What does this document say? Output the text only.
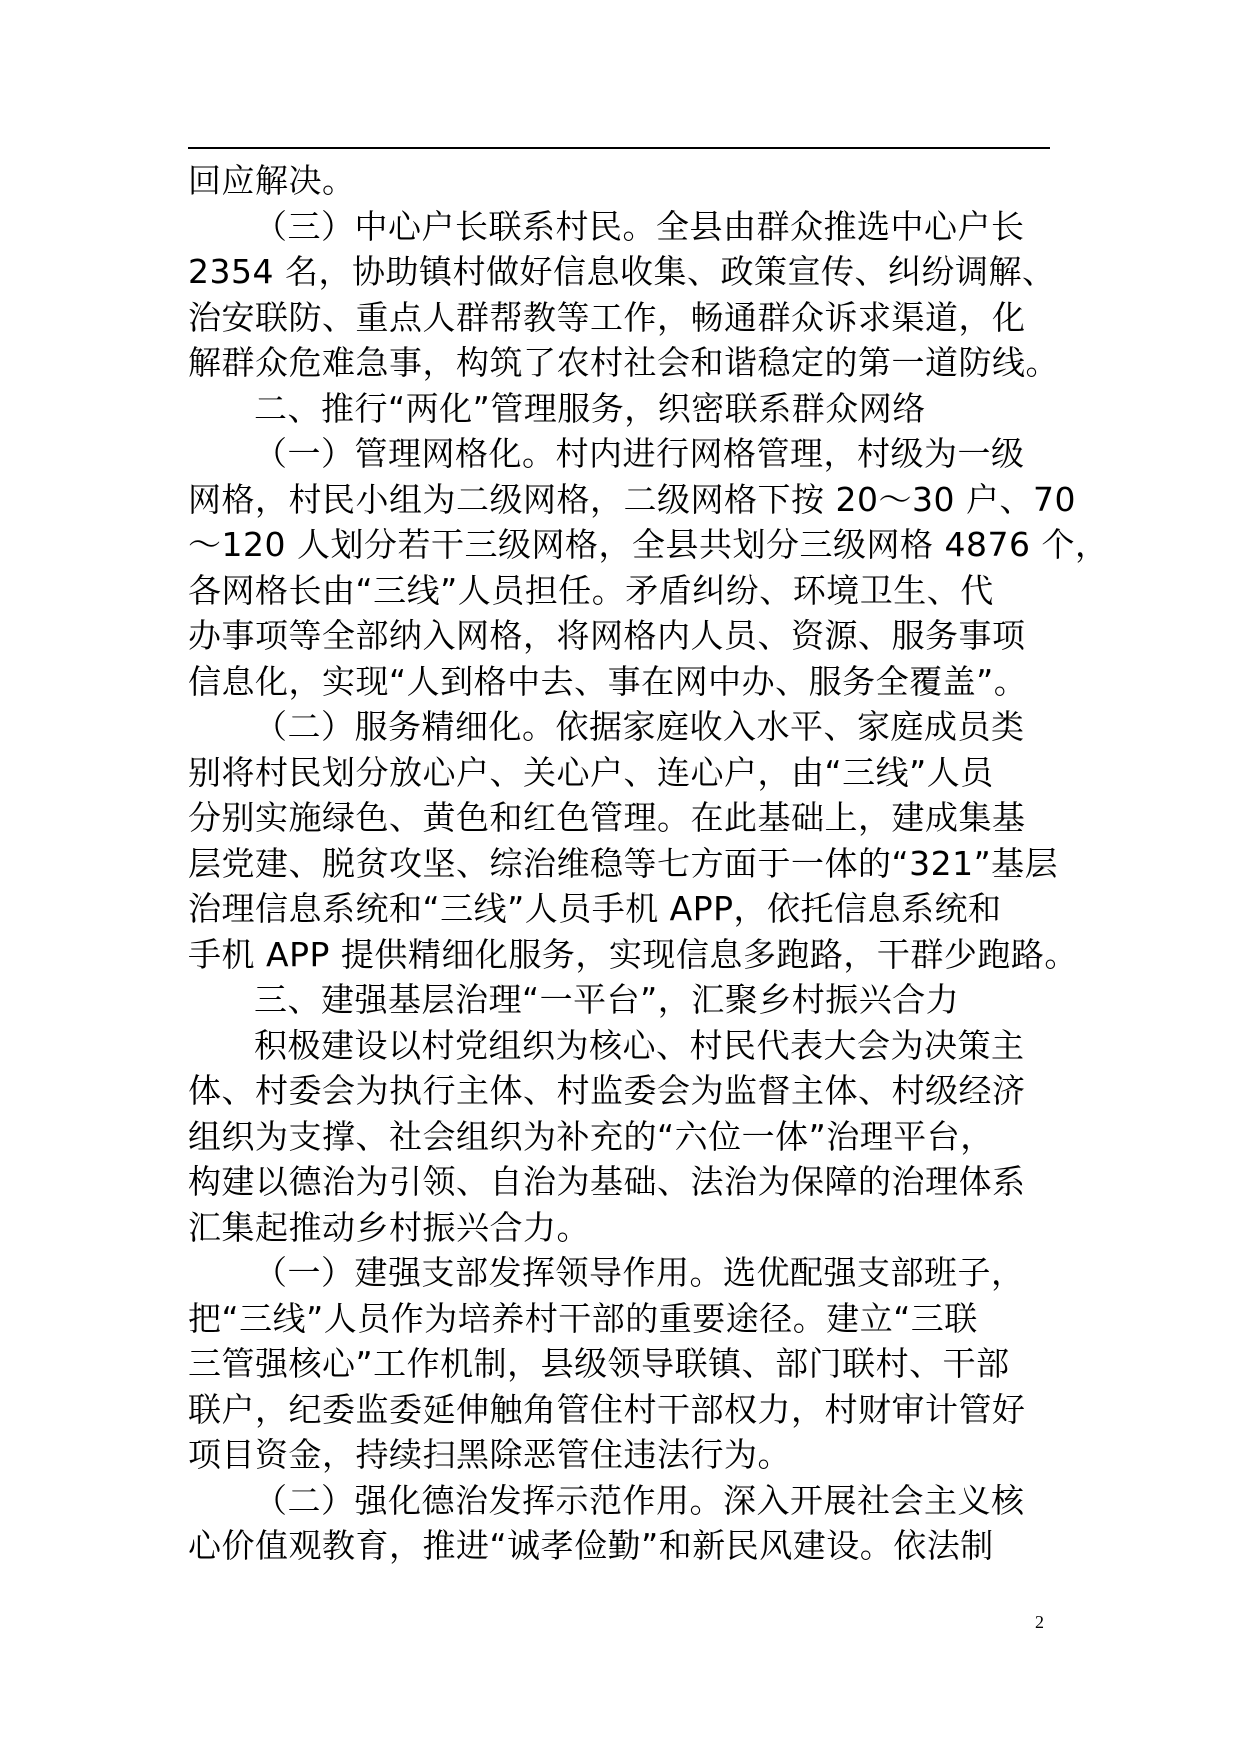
回应解决。
（三）中心户长联系村民。全县由群众推选中心户长
2354 名，协助镇村做好信息收集、政策宣传、纠纷调解、
治安联防、重点人群帮教等工作，畅通群众诉求渠道，化
解群众危难急事，构筑了农村社会和谐稳定的第一道防线。
二、推行“两化”管理服务，织密联系群众网络
（一）管理网格化。村内进行网格管理，村级为一级
网格，村民小组为二级网格，二级网格下按 20～30 户、70
～120 人划分若干三级网格，全县共划分三级网格 4876 个，
各网格长由“三线”人员担任。矛盾纠纷、环境卫生、代
办事项等全部纳入网格，将网格内人员、资源、服务事项
信息化，实现“人到格中去、事在网中办、服务全覆盖”。
（二）服务精细化。依据家庭收入水平、家庭成员类
别将村民划分放心户、关心户、连心户，由“三线”人员
分别实施绿色、黄色和红色管理。在此基础上，建成集基
层党建、脱贫攻坚、综治维稳等七方面于一体的“321”基层
治理信息系统和“三线”人员手机 APP，依托信息系统和
手机 APP 提供精细化服务，实现信息多跑路，干群少跑路。
三、建强基层治理“一平台”，汇聚乡村振兴合力
积极建设以村党组织为核心、村民代表大会为决策主
体、村委会为执行主体、村监委会为监督主体、村级经济
组织为支撑、社会组织为补充的“六位一体”治理平台，
构建以德治为引领、自治为基础、法治为保障的治理体系
汇集起推动乡村振兴合力。
（一）建强支部发挥领导作用。选优配强支部班子，
把“三线”人员作为培养村干部的重要途径。建立“三联
三管强核心”工作机制，县级领导联镇、部门联村、干部
联户，纪委监委延伸触角管住村干部权力，村财审计管好
项目资金，持续扫黑除恶管住违法行为。
（二）强化德治发挥示范作用。深入开展社会主义核
心价值观教育，推进“诚孝俭勤”和新民风建设。依法制
2
